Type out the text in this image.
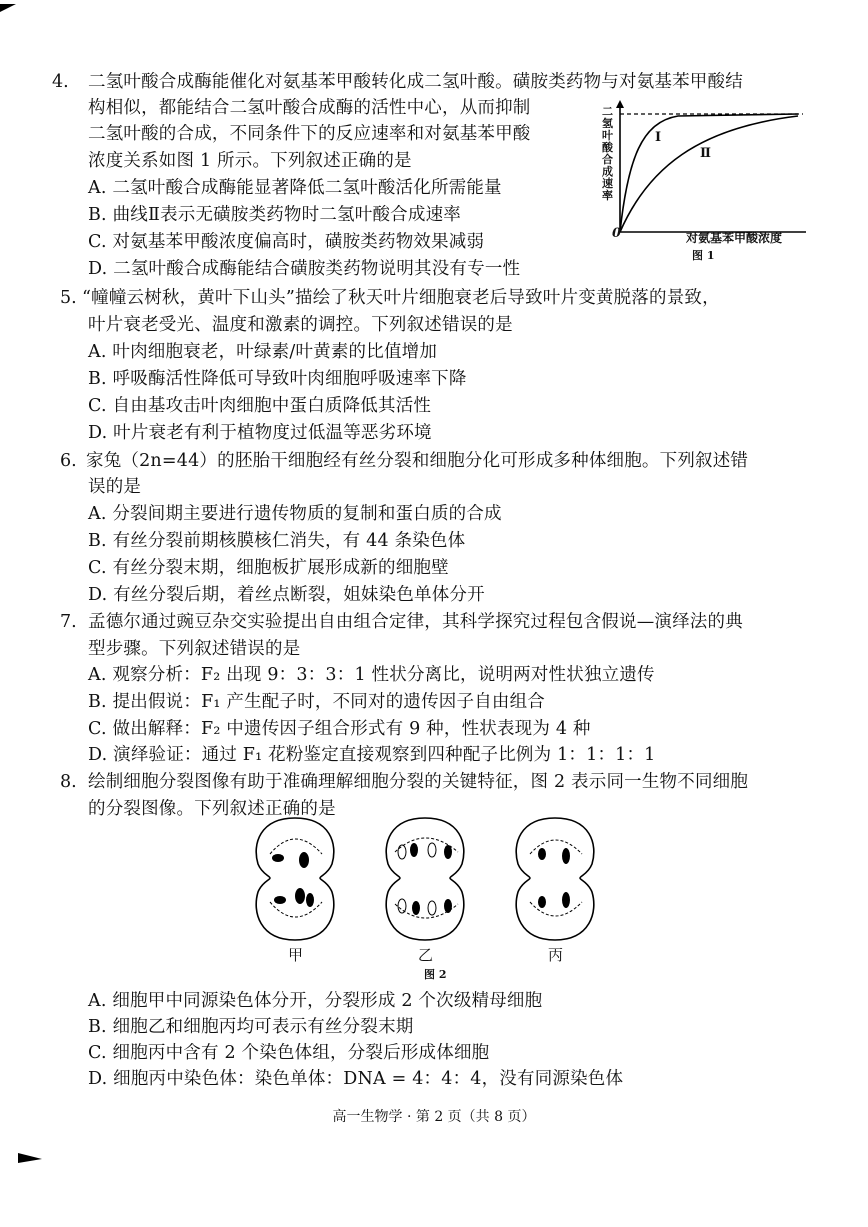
4. 二氢叶酸合成酶能催化对氨基苯甲酸转化成二氢叶酸。磺胺类药物与对氨基苯甲酸结
构相似，都能结合二氢叶酸合成酶的活性中心，从而抑制
二氢叶酸的合成，不同条件下的反应速率和对氨基苯甲酸
浓度关系如图 1 所示。下列叙述正确的是
A. 二氢叶酸合成酶能显著降低二氢叶酸活化所需能量
B. 曲线Ⅱ表示无磺胺类药物时二氢叶酸合成速率
C. 对氨基苯甲酸浓度偏高时，磺胺类药物效果减弱
D. 二氢叶酸合成酶能结合磺胺类药物说明其没有专一性
二氢叶酸合成速率
0
Ⅰ
Ⅱ
对氨基苯甲酸浓度
图 1
5. “幢幢云树秋，黄叶下山头”描绘了秋天叶片细胞衰老后导致叶片变黄脱落的景致，
叶片衰老受光、温度和激素的调控。下列叙述错误的是
A. 叶肉细胞衰老，叶绿素/叶黄素的比值增加
B. 呼吸酶活性降低可导致叶肉细胞呼吸速率下降
C. 自由基攻击叶肉细胞中蛋白质降低其活性
D. 叶片衰老有利于植物度过低温等恶劣环境
6. 家兔（2n=44）的胚胎干细胞经有丝分裂和细胞分化可形成多种体细胞。下列叙述错
误的是
A. 分裂间期主要进行遗传物质的复制和蛋白质的合成
B. 有丝分裂前期核膜核仁消失，有 44 条染色体
C. 有丝分裂末期，细胞板扩展形成新的细胞壁
D. 有丝分裂后期，着丝点断裂，姐妹染色单体分开
7. 孟德尔通过豌豆杂交实验提出自由组合定律，其科学探究过程包含假说—演绎法的典
型步骤。下列叙述错误的是
A. 观察分析：F₂ 出现 9：3：3：1 性状分离比，说明两对性状独立遗传
B. 提出假说：F₁ 产生配子时，不同对的遗传因子自由组合
C. 做出解释：F₂ 中遗传因子组合形式有 9 种，性状表现为 4 种
D. 演绎验证：通过 F₁ 花粉鉴定直接观察到四种配子比例为 1：1：1：1
8. 绘制细胞分裂图像有助于准确理解细胞分裂的关键特征，图 2 表示同一生物不同细胞
的分裂图像。下列叙述正确的是
甲	乙	丙
图 2
A. 细胞甲中同源染色体分开，分裂形成 2 个次级精母细胞
B. 细胞乙和细胞丙均可表示有丝分裂末期
C. 细胞丙中含有 2 个染色体组，分裂后形成体细胞
D. 细胞丙中染色体：染色单体：DNA = 4：4：4，没有同源染色体
高一生物学 · 第 2 页（共 8 页）
